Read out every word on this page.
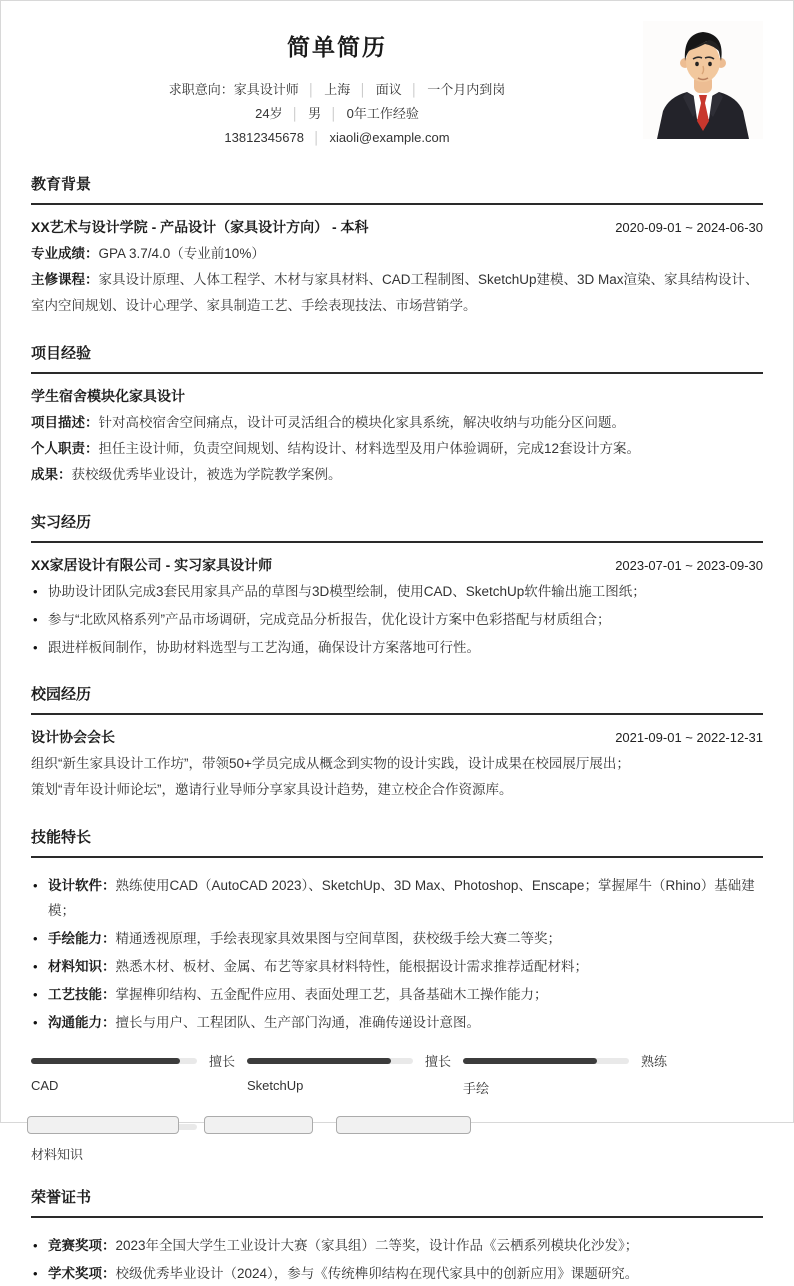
简单简历
求职意向：家具设计师 │ 上海 │ 面议 │ 一个月内到岗
24岁 │ 男 │ 0年工作经验
13812345678 │ xiaoli@example.com
教育背景
XX艺术与设计学院 - 产品设计（家具设计方向） - 本科	2020-09-01 ~ 2024-06-30

专业成绩：GPA 3.7/4.0（专业前10%）

主修课程：家具设计原理、人体工程学、木材与家具材料、CAD工程制图、SketchUp建模、3D Max渲染、家具结构设计、室内空间规划、设计心理学、家具制造工艺、手绘表现技法、市场营销学。

项目经验
学生宿舍模块化家具设计

项目描述：针对高校宿舍空间痛点，设计可灵活组合的模块化家具系统，解决收纳与功能分区问题。

个人职责：担任主设计师，负责空间规划、结构设计、材料选型及用户体验调研，完成12套设计方案。

成果：获校级优秀毕业设计，被选为学院教学案例。

实习经历
XX家居设计有限公司 - 实习家具设计师	2023-07-01 ~ 2023-09-30
• 协助设计团队完成3套民用家具产品的草图与3D模型绘制，使用CAD、SketchUp软件输出施工图纸；
• 参与“北欧风格系列”产品市场调研，完成竞品分析报告，优化设计方案中色彩搭配与材质组合；
• 跟进样板间制作，协助材料选型与工艺沟通，确保设计方案落地可行性。
校园经历
设计协会会长	2021-09-01 ~ 2022-12-31

组织“新生家具设计工作坊”，带领50+学员完成从概念到实物的设计实践，设计成果在校园展厅展出；

策划“青年设计师论坛”，邀请行业导师分享家具设计趋势，建立校企合作资源库。

技能特长
• 设计软件：熟练使用CAD（AutoCAD 2023）、SketchUp、3D Max、Photoshop、Enscape；掌握犀牛（Rhino）基础建模；
• 手绘能力：精通透视原理，手绘表现家具效果图与空间草图，获校级手绘大赛二等奖；
• 材料知识：熟悉木材、板材、金属、布艺等家具材料特性，能根据设计需求推荐适配材料；
• 工艺技能：掌握榫卯结构、五金配件应用、表面处理工艺，具备基础木工操作能力；
• 沟通能力：擅长与用户、工程团队、生产部门沟通，准确传递设计意图。
擅长
CAD
擅长
SketchUp
熟练
手绘
材料知识
荣誉证书
• 竞赛奖项：2023年全国大学生工业设计大赛（家具组）二等奖，设计作品《云栖系列模块化沙发》；
• 学术奖项：校级优秀毕业设计（2024），参与《传统榫卯结构在现代家具中的创新应用》课题研究。
